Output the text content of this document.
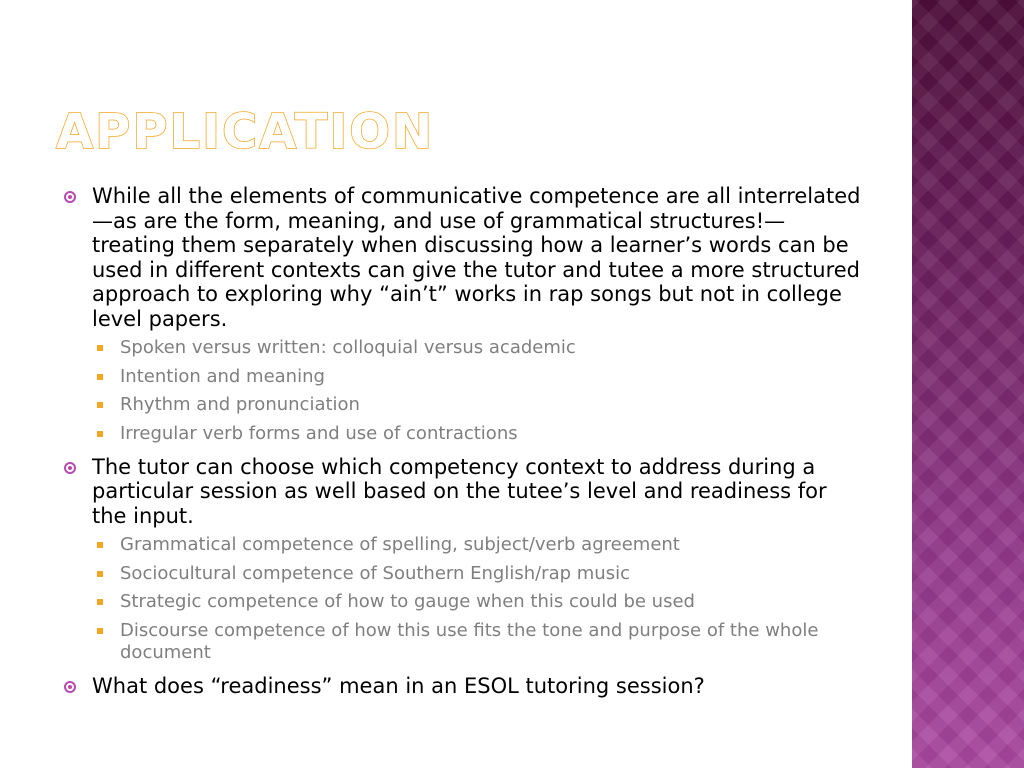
APPLICATION
While all the elements of communicative competence are all interrelated—as are the form, meaning, and use of grammatical structures!—treating them separately when discussing how a learner’s words can be used in different contexts can give the tutor and tutee a more structured approach to exploring why “ain’t” works in rap songs but not in college level papers.
Spoken versus written: colloquial versus academic
Intention and meaning
Rhythm and pronunciation
Irregular verb forms and use of contractions
The tutor can choose which competency context to address during a particular session as well based on the tutee’s level and readiness for the input.
Grammatical competence of spelling, subject/verb agreement
Sociocultural competence of Southern English/rap music
Strategic competence of how to gauge when this could be used
Discourse competence of how this use fits the tone and purpose of the whole document
What does “readiness” mean in an ESOL tutoring session?
